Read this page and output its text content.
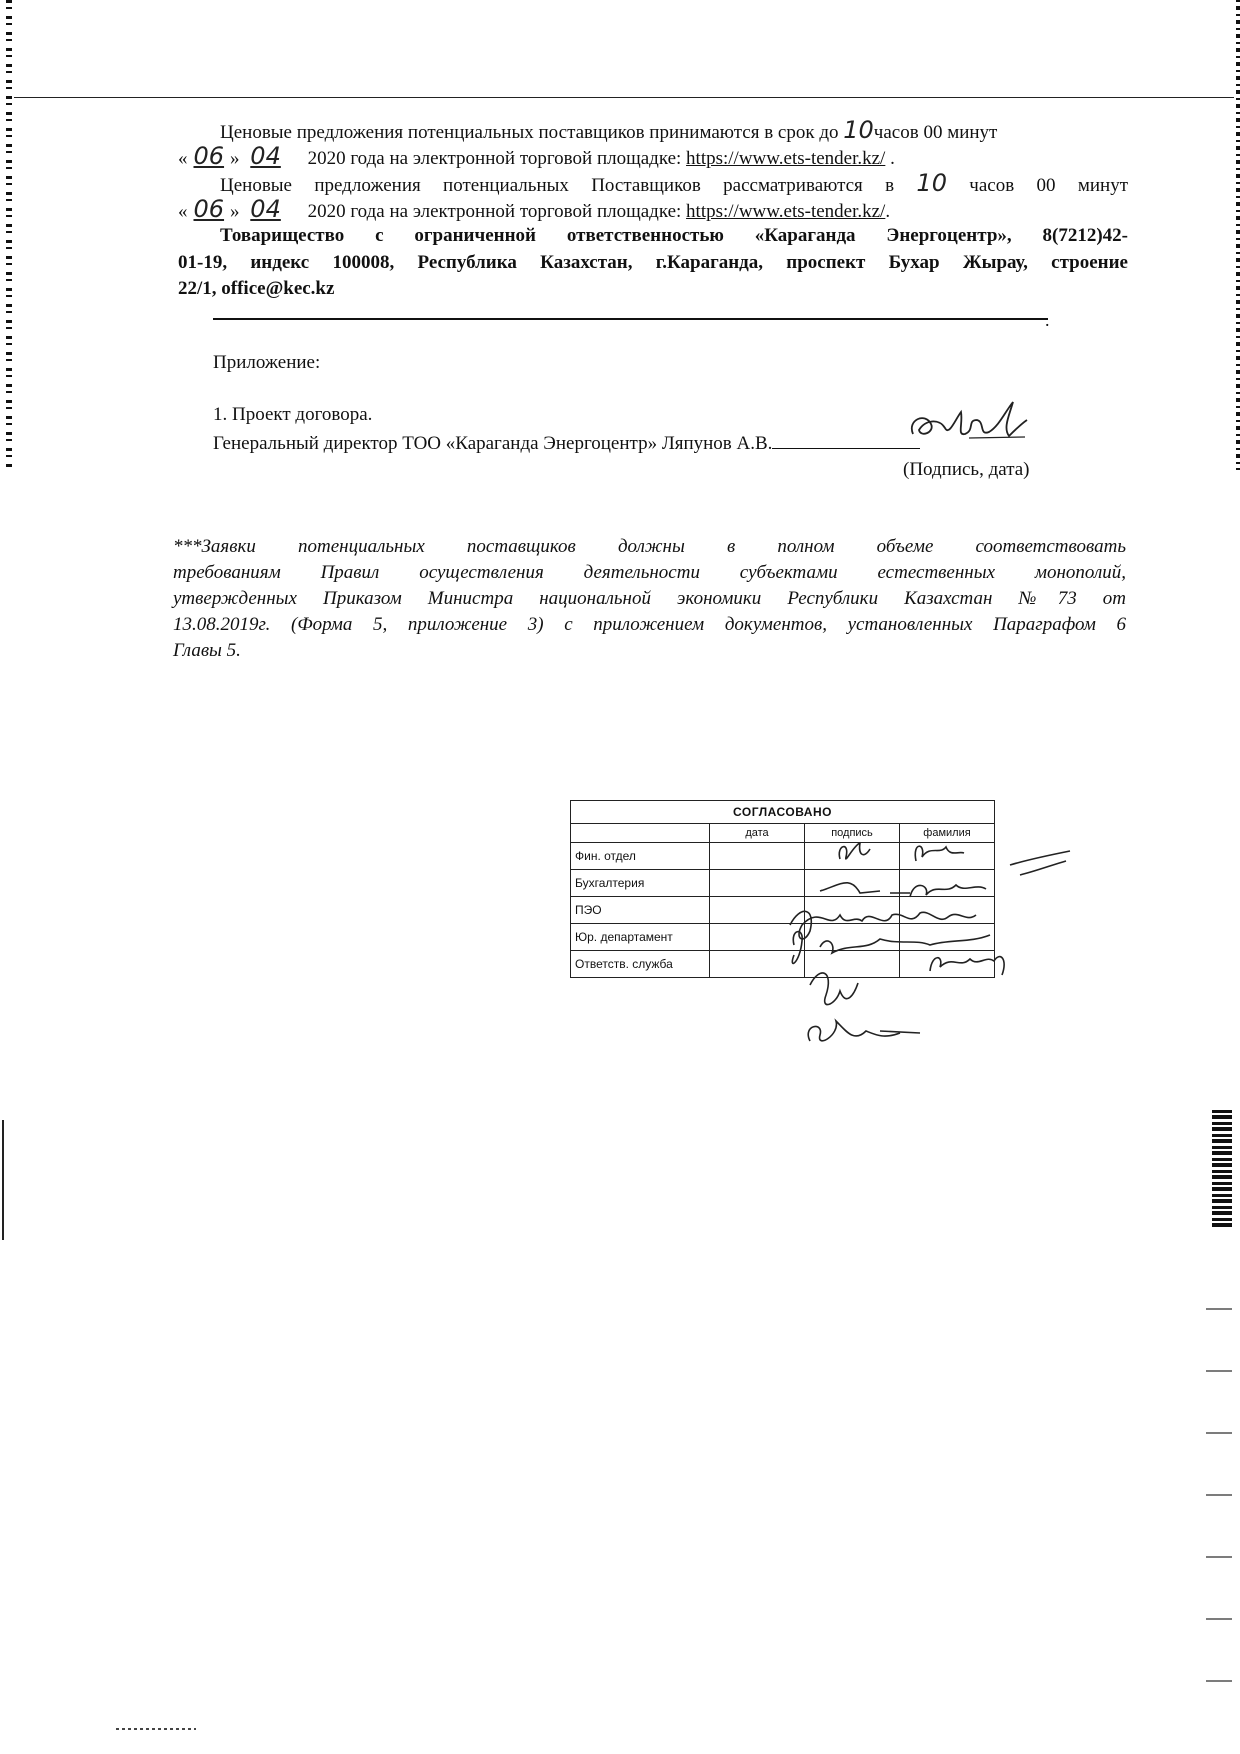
Ценовые предложения потенциальных поставщиков принимаются в срок до 10часов 00 минут
« 06 » 04 2020 года на электронной торговой площадке: https://www.ets-tender.kz/ .
Ценовые предложения потенциальных Поставщиков рассматриваются в 10 часов 00 минут
« 06 » 04 2020 года на электронной торговой площадке: https://www.ets-tender.kz/.
Товарищество с ограниченной ответственностью «Караганда Энергоцентр», 8(7212)42-
01-19, индекс 100008, Республика Казахстан, г.Караганда, проспект Бухар Жырау, строение
22/1, office@kec.kz
.
Приложение:
1. Проект договора.
Генеральный директор ТОО «Караганда Энергоцентр» Ляпунов А.В.
(Подпись, дата)
***Заявки потенциальных поставщиков должны в полном объеме соответствовать
требованиям Правил осуществления деятельности субъектами естественных монополий,
утвержденных Приказом Министра национальной экономики Республики Казахстан №73 от
13.08.2019г. (Форма 5, приложение 3) с приложением документов, установленных Параграфом 6
Главы 5.
СОГЛАСОВАНО			
	дата	подпись	фамилия
Фин. отдел			
Бухгалтерия			
ПЭО			
Юр. департамент			
Ответств. служба			
